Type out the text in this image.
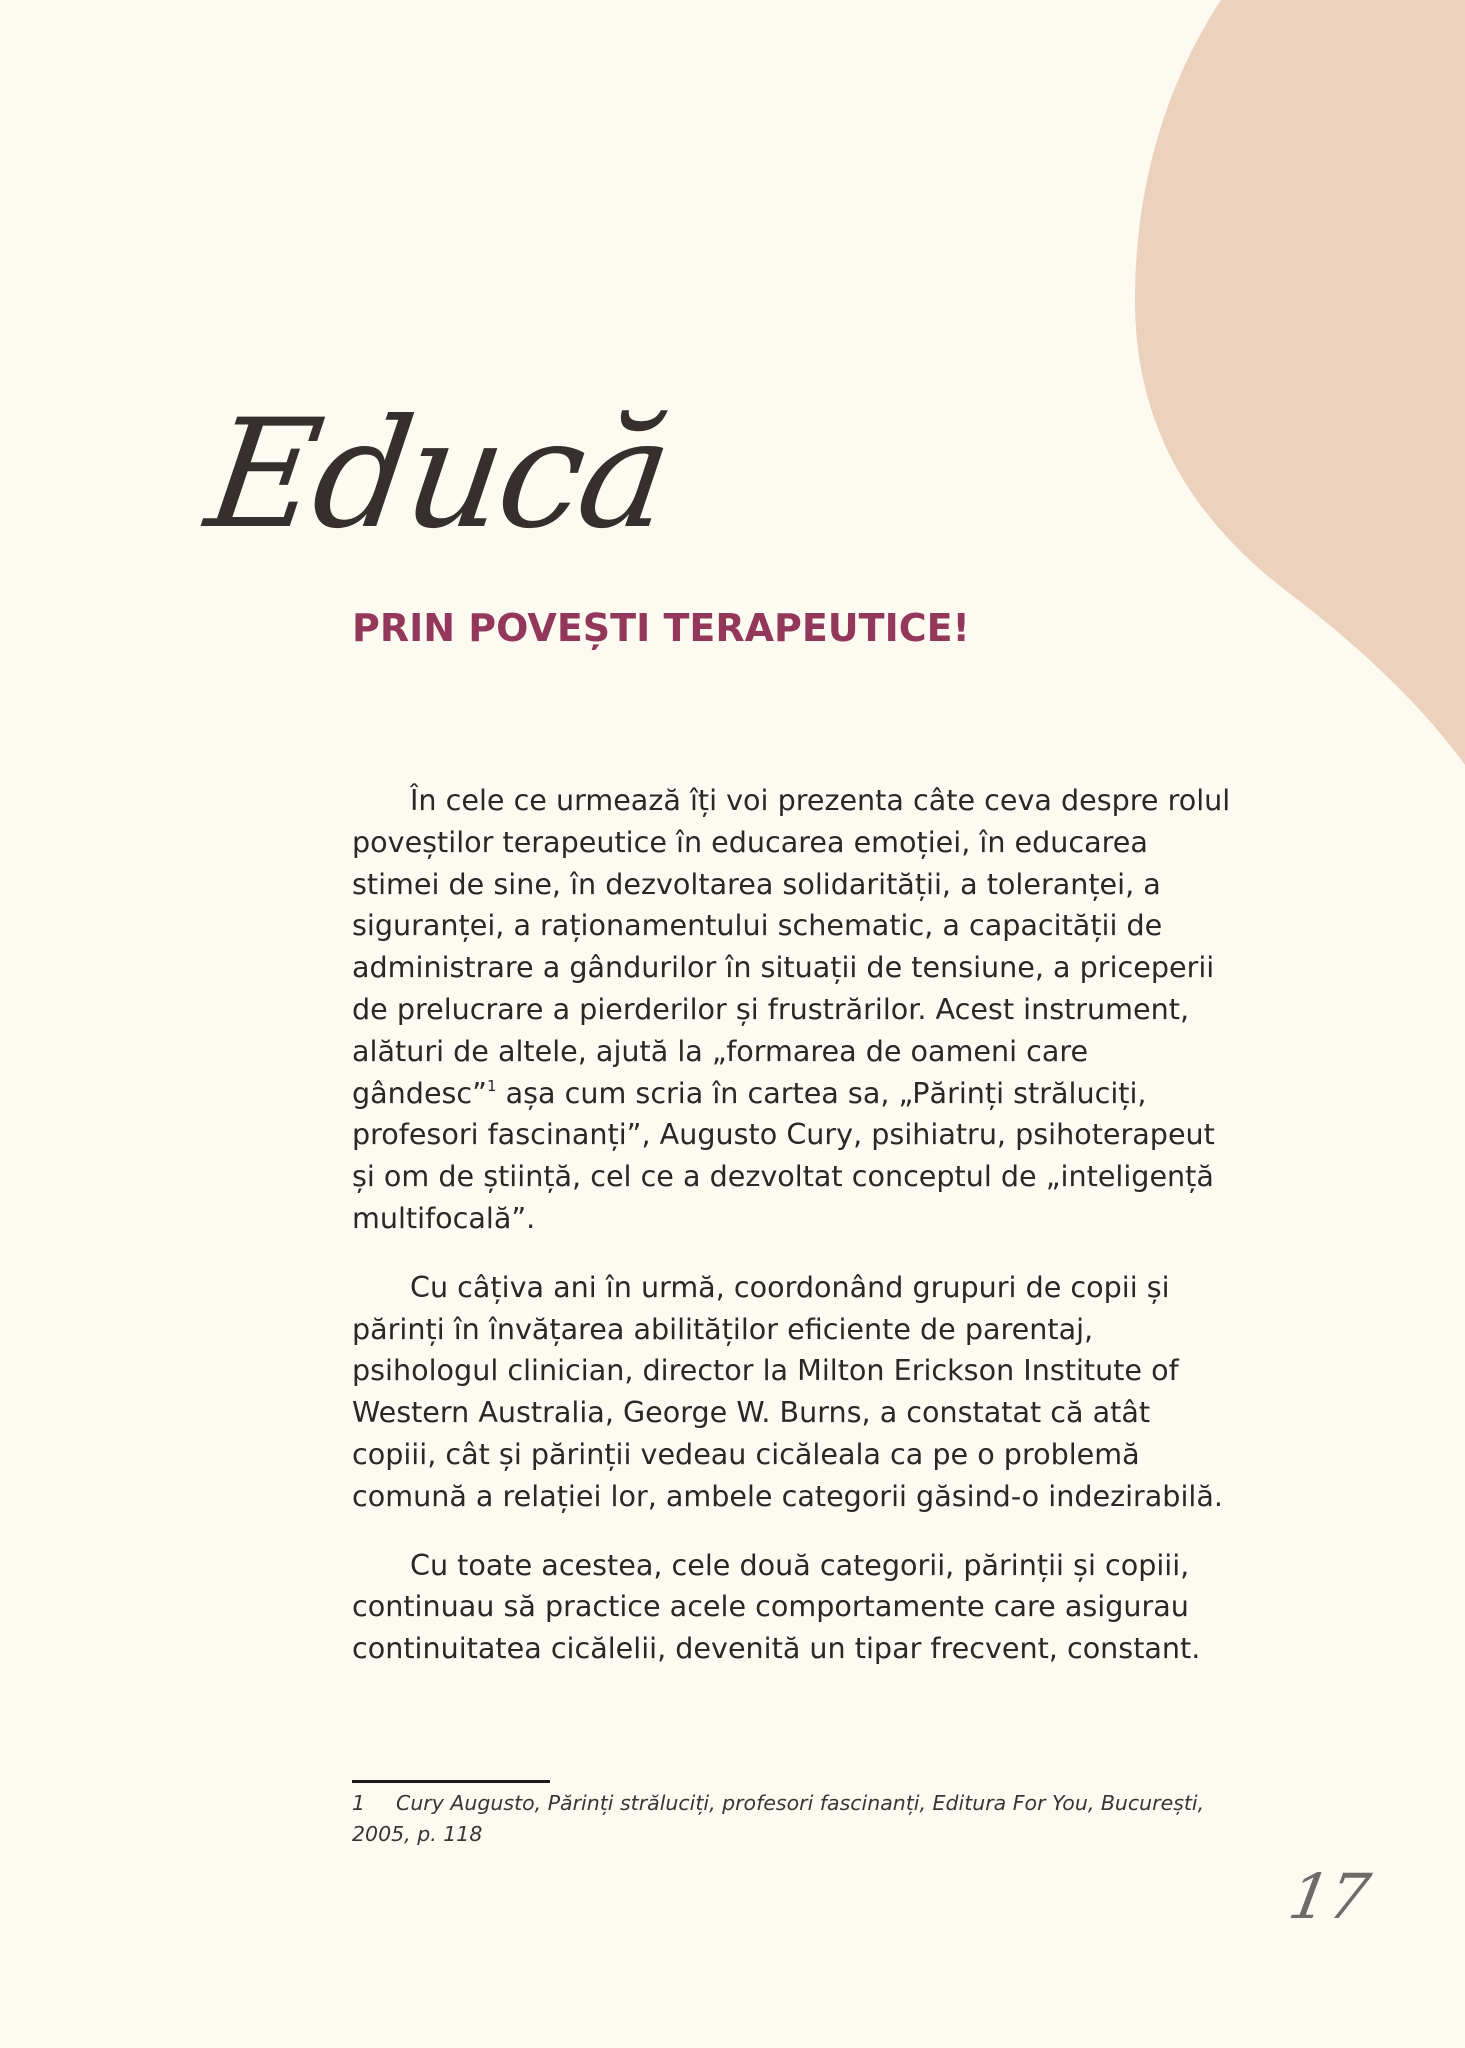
Educă
PRIN POVEȘTI TERAPEUTICE!

În cele ce urmează îți voi prezenta câte ceva despre rolul poveștilor terapeutice în educarea emoției, în educarea stimei de sine, în dezvoltarea solidarității, a toleranței, a siguranței, a raționamentului schematic, a capacității de administrare a gândurilor în situații de tensiune, a priceperii de prelucrare a pierderilor și frustrărilor. Acest instrument, alături de altele, ajută la „formarea de oameni care gândesc”$^1$ așa cum scria în cartea sa, „Părinți străluciți, profesori fascinanți”, Augusto Cury, psihiatru, psihoterapeut și om de știință, cel ce a dezvoltat conceptul de „inteligență multifocală”.

Cu câțiva ani în urmă, coordonând grupuri de copii și părinți în învățarea abilităților eficiente de parentaj, psihologul clinician, director la Milton Erickson Institute of Western Australia, George W. Burns, a constatat că atât copiii, cât și părinții vedeau cicăleala ca pe o problemă comună a relației lor, ambele categorii găsind-o indezirabilă.

Cu toate acestea, cele două categorii, părinții și copiii, continuau să practice acele comportamente care asigurau continuitatea cicălelii, devenită un tipar frecvent, constant.

1 Cury Augusto, Părinți străluciți, profesori fascinanți, Editura For You, București, 2005, p. 118
17
